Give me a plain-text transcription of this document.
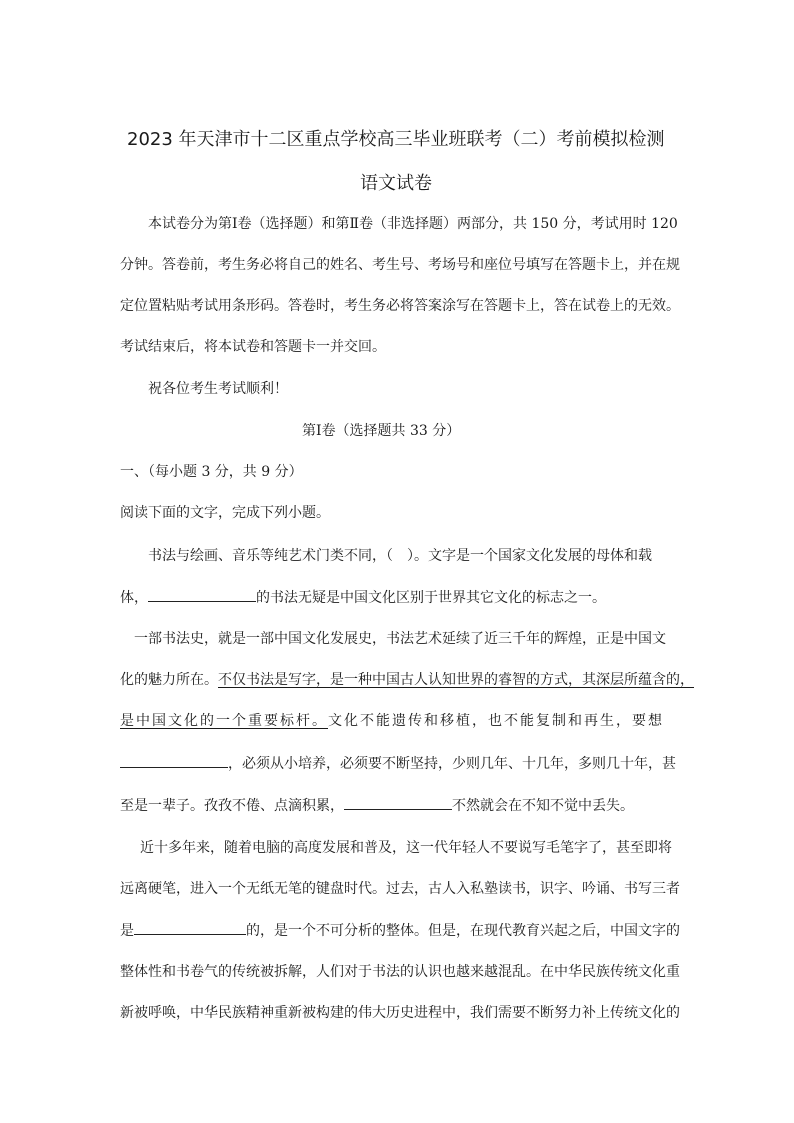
2023 年天津市十二区重点学校高三毕业班联考（二）考前模拟检测
语文试卷
本试卷分为第Ⅰ卷（选择题）和第Ⅱ卷（非选择题）两部分，共 150 分，考试用时 120
分钟。答卷前，考生务必将自己的姓名、考生号、考场号和座位号填写在答题卡上，并在规
定位置粘贴考试用条形码。答卷时，考生务必将答案涂写在答题卡上，答在试卷上的无效。
考试结束后，将本试卷和答题卡一并交回。
祝各位考生考试顺利！
第Ⅰ卷（选择题共 33 分）
一、（每小题 3 分，共 9 分）
阅读下面的文字，完成下列小题。
书法与绘画、音乐等纯艺术门类不同，（　）。文字是一个国家文化发展的母体和载
体，	的书法无疑是中国文化区别于世界其它文化的标志之一。
一部书法史，就是一部中国文化发展史，书法艺术延续了近三千年的辉煌，正是中国文
化的魅力所在。不仅书法是写字，是一种中国古人认知世界的睿智的方式，其深层所蕴含的，
是中国文化的一个重要标杆。文化不能遗传和移植，也不能复制和再生，要想
，必须从小培养，必须要不断坚持，少则几年、十几年，多则几十年，甚
至是一辈子。孜孜不倦、点滴积累，	不然就会在不知不觉中丢失。
近十多年来，随着电脑的高度发展和普及，这一代年轻人不要说写毛笔字了，甚至即将
远离硬笔，进入一个无纸无笔的键盘时代。过去，古人入私塾读书，识字、吟诵、书写三者
是	的，是一个不可分析的整体。但是，在现代教育兴起之后，中国文字的
整体性和书卷气的传统被拆解，人们对于书法的认识也越来越混乱。在中华民族传统文化重
新被呼唤，中华民族精神重新被构建的伟大历史进程中，我们需要不断努力补上传统文化的
